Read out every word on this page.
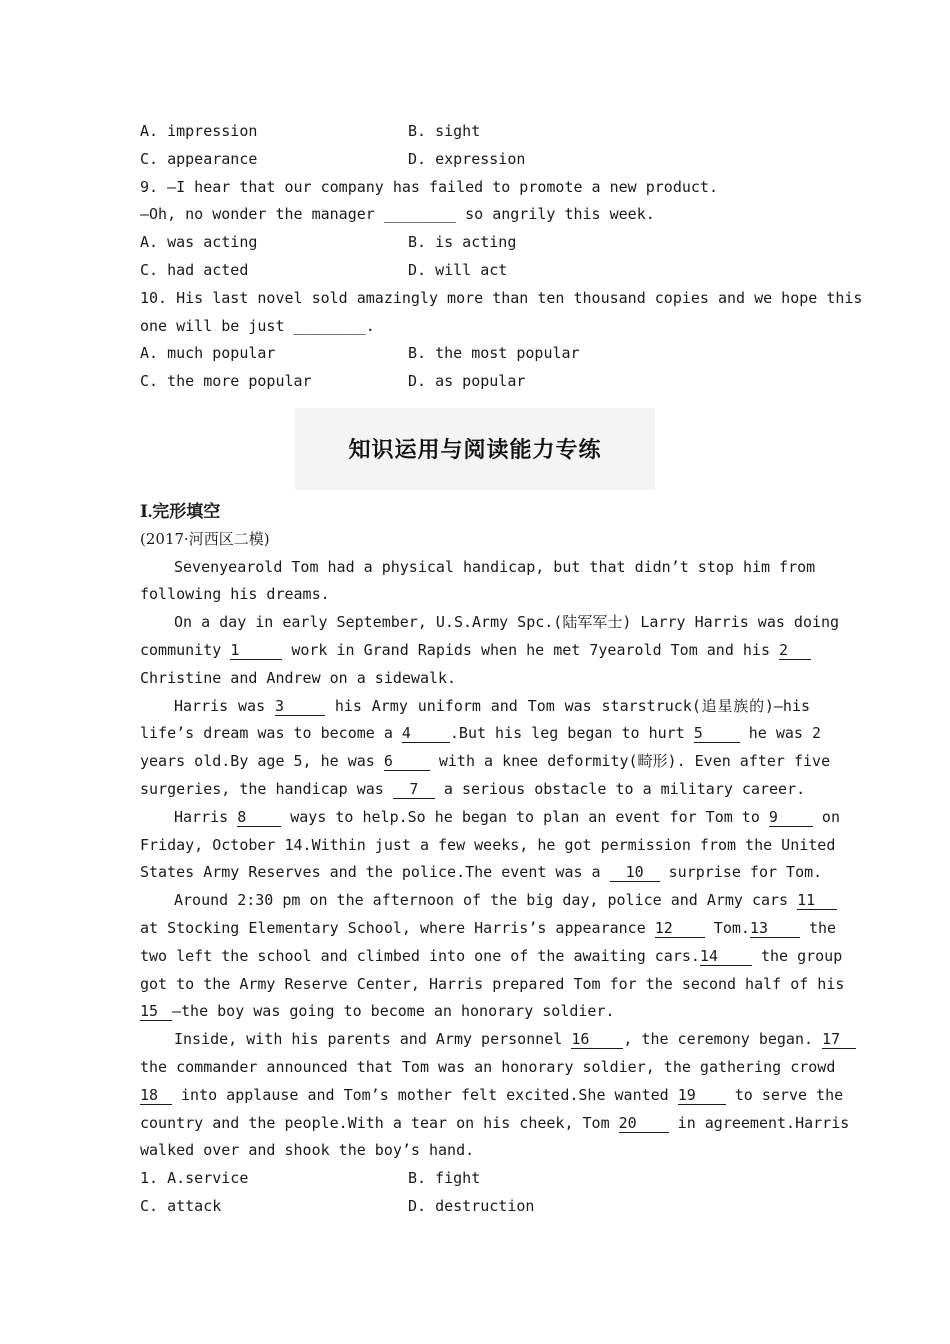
A. impression	B. sight
C. appearance	D. expression
9. —I hear that our company has failed to promote a new product.
—Oh, no wonder the manager ________ so angrily this week.
A. was acting	B. is acting
C. had acted	D. will act
10. His last novel sold amazingly more than ten thousand copies and we hope this
one will be just ________.
A. much popular	B. the most popular
C. the more popular	D. as popular
知识运用与阅读能力专练
Ⅰ.完形填空
(2017·河西区二模)
Sevenyearold Tom had a physical handicap, but that didn’t stop him from
following his dreams.
On a day in early September, U.S.Army Spc.(陆军军士) Larry Harris was doing
community 1	work in Grand Rapids when he met 7yearold Tom and his 2
Christine and Andrew on a sidewalk.
Harris was 3	his Army uniform and Tom was starstruck(追星族的)—his
life’s dream was to become a 4	.But his leg began to hurt 5	he was 2
years old.By age 5, he was 6	with a knee deformity(畸形). Even after five
surgeries, the handicap was 7 a serious obstacle to a military career.
Harris 8	ways to help.So he began to plan an event for Tom to 9	on
Friday, October 14.Within just a few weeks, he got permission from the United
States Army Reserves and the police.The event was a 10 surprise for Tom.
Around 2:30 pm on the afternoon of the big day, police and Army cars 11
at Stocking Elementary School, where Harris’s appearance 12	Tom.13	the
two left the school and climbed into one of the awaiting cars.14	the group
got to the Army Reserve Center, Harris prepared Tom for the second half of his
15 —the boy was going to become an honorary soldier.
Inside, with his parents and Army personnel 16 , the ceremony began. 17
the commander announced that Tom was an honorary soldier, the gathering crowd
18 into applause and Tom’s mother felt excited.She wanted 19	to serve the
country and the people.With a tear on his cheek, Tom 20	in agreement.Harris
walked over and shook the boy’s hand.
1. A.service	B. fight
C. attack	D. destruction
